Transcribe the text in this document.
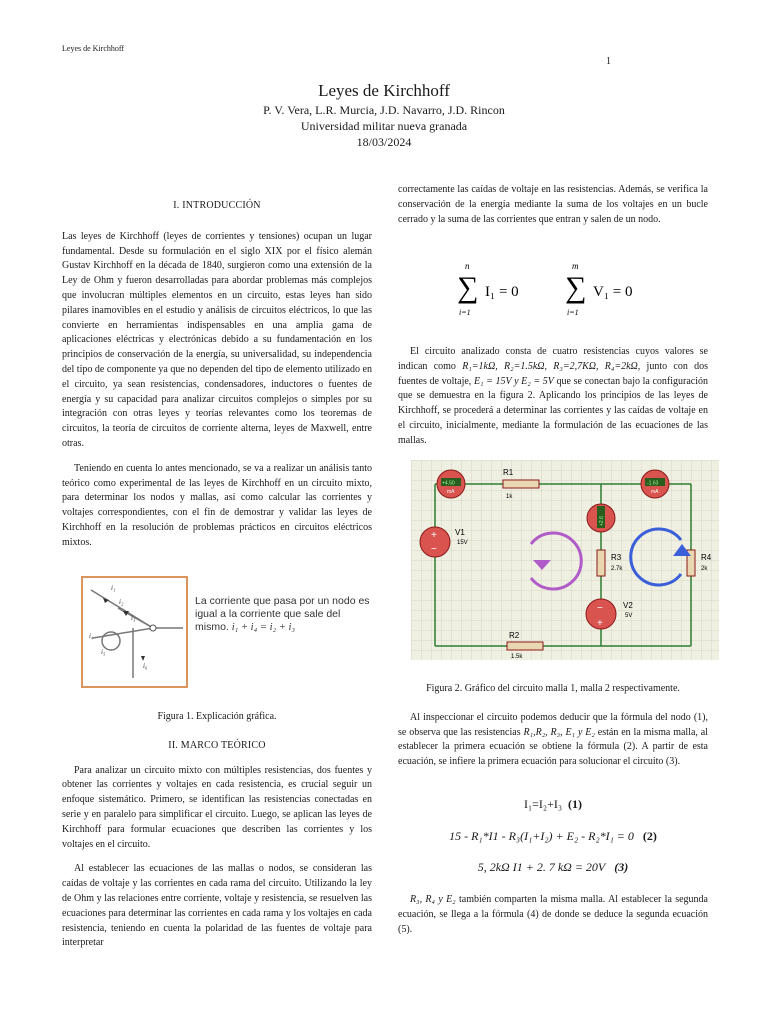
Leyes de Kirchhoff
1
Leyes de Kirchhoff
P. V. Vera, L.R. Murcia, J.D. Navarro, J.D. Rincon
Universidad militar nueva granada
18/03/2024
I. INTRODUCCIÓN

Las leyes de Kirchhoff (leyes de corrientes y tensiones) ocupan un lugar fundamental. Desde su formulación en el siglo XIX por el físico alemán Gustav Kirchhoff en la década de 1840, surgieron como una extensión de la Ley de Ohm y fueron desarrolladas para abordar problemas más complejos que involucran múltiples elementos en un circuito, estas leyes han sido pilares inamovibles en el estudio y análisis de circuitos eléctricos, lo que las convierte en herramientas indispensables en una amplia gama de aplicaciones eléctricas y electrónicas debido a su fundamentación en los principios de conservación de la energía, su universalidad, su independencia del tipo de componente ya que no dependen del tipo de elemento utilizado en el circuito, ya sean resistencias, condensadores, inductores o fuentes de energía y su capacidad para analizar circuitos complejos o simples por su integración con otras leyes y teorías relevantes como los teoremas de circuitos, la teoría de circuitos de corriente alterna, leyes de Maxwell, entre otras.

Teniendo en cuenta lo antes mencionado, se va a realizar un análisis tanto teórico como experimental de las leyes de Kirchhoff en un circuito mixto, para determinar los nodos y mallas, así como calcular las corrientes y voltajes correspondientes, con el fin de demostrar y validar las leyes de Kirchhoff en la resolución de problemas prácticos en circuitos eléctricos mixtos.

i₁
i₂
i₃
i₄
i₅
i₆
La corriente que pasa por un nodo es igual a la corriente que sale del mismo. i₁ + i₄ = i₂ + i₃
Figura 1. Explicación gráfica.
II. MARCO TEÓRICO

Para analizar un circuito mixto con múltiples resistencias, dos fuentes y obtener las corrientes y voltajes en cada resistencia, es crucial seguir un enfoque sistemático. Primero, se identifican las resistencias conectadas en serie y en paralelo para simplificar el circuito. Luego, se aplican las leyes de Kirchhoff para formular ecuaciones que describen las corrientes y los voltajes en el circuito.

Al establecer las ecuaciones de las mallas o nodos, se consideran las caídas de voltaje y las corrientes en cada rama del circuito. Utilizando la ley de Ohm y las relaciones entre corriente, voltaje y resistencia, se resuelven las ecuaciones para determinar las corrientes en cada rama y los voltajes en cada resistencia, teniendo en cuenta la polaridad de las fuentes de voltaje para interpretar

correctamente las caídas de voltaje en las resistencias. Además, se verifica la conservación de la energía mediante la suma de los voltajes en un bucle cerrado y la suma de las corrientes que entran y salen de un nodo.

n
∑
i=1
I₁ = 0
m
∑
i=1
V₁ = 0

El circuito analizado consta de cuatro resistencias cuyos valores se indican como R₁=1kΩ, R₂=1.5kΩ, R₃=2,7KΩ, R₄=2kΩ, junto con dos fuentes de voltaje, E₁ = 15V y E₂ = 5V que se conectan bajo la configuración que se demuestra en la figura 2. Aplicando los principios de las leyes de Kirchhoff, se procederá a determinar las corrientes y las caídas de voltaje en el circuito, inicialmente, mediante la formulación de las ecuaciones de las mallas.

R1
1k
R2
1.5k
R3
2.7k
R4
2k
+
−
V1
15V
−
+
V2
5V
+4.50
mA
-1.63
mA
+2.6
Figura 2. Gráfico del circuito malla 1, malla 2 respectivamente.

Al inspeccionar el circuito podemos deducir que la fórmula del nodo (1), se observa que las resistencias R₁,R₂, R₃, E₁ y E₂ están en la misma malla, al establecer la primera ecuación se obtiene la fórmula (2). A partir de esta ecuación, se infiere la primera ecuación para solucionar el circuito (3).

I₁=I₂+I₃ (1)
15 - R₁*I1 - R₃(I₁+I₂) + E₂ - R₂*I₁ = 0 (2)
5, 2kΩ I1 + 2. 7 kΩ = 20V (3)

R₃, R₄ y E₂ también comparten la misma malla. Al establecer la segunda ecuación, se llega a la fórmula (4) de donde se deduce la segunda ecuación (5).
